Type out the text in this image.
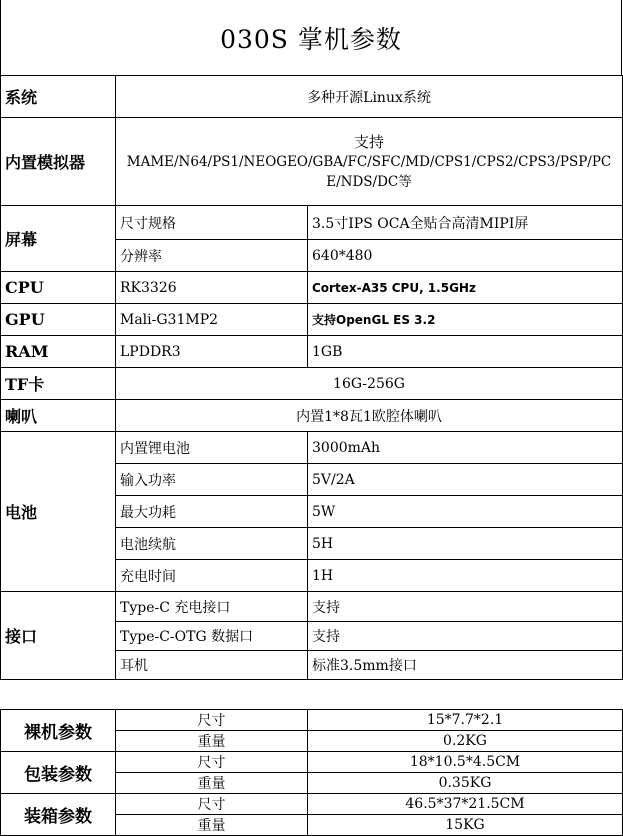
030S 掌机参数
系统	多种开源Linux系统	
内置模拟器	支持
MAME/N64/PS1/NEOGEO/GBA/FC/SFC/MD/CPS1/CPS2/CPS3/PSP/PCE/NDS/DC等	

屏幕	尺寸规格	3.5寸IPS OCA全贴合高清MIPI屏
	分辨率	640*480
CPU	RK3326	Cortex-A35 CPU, 1.5GHz
GPU	Mali-G31MP2	支持OpenGL ES 3.2
RAM	LPDDR3	1GB
TF卡	16G-256G	
喇叭	内置1*8瓦1欧腔体喇叭	
电池	内置锂电池	3000mAh
	输入功率	5V/2A
	最大功耗	5W
	电池续航	5H
	充电时间	1H
接口	Type-C 充电接口	支持
	Type-C-OTG 数据口	支持
	耳机	标准3.5mm接口
裸机参数	尺寸	15*7.7*2.1
	重量	0.2KG
包装参数	尺寸	18*10.5*4.5CM
	重量	0.35KG
装箱参数	尺寸	46.5*37*21.5CM
	重量	15KG
